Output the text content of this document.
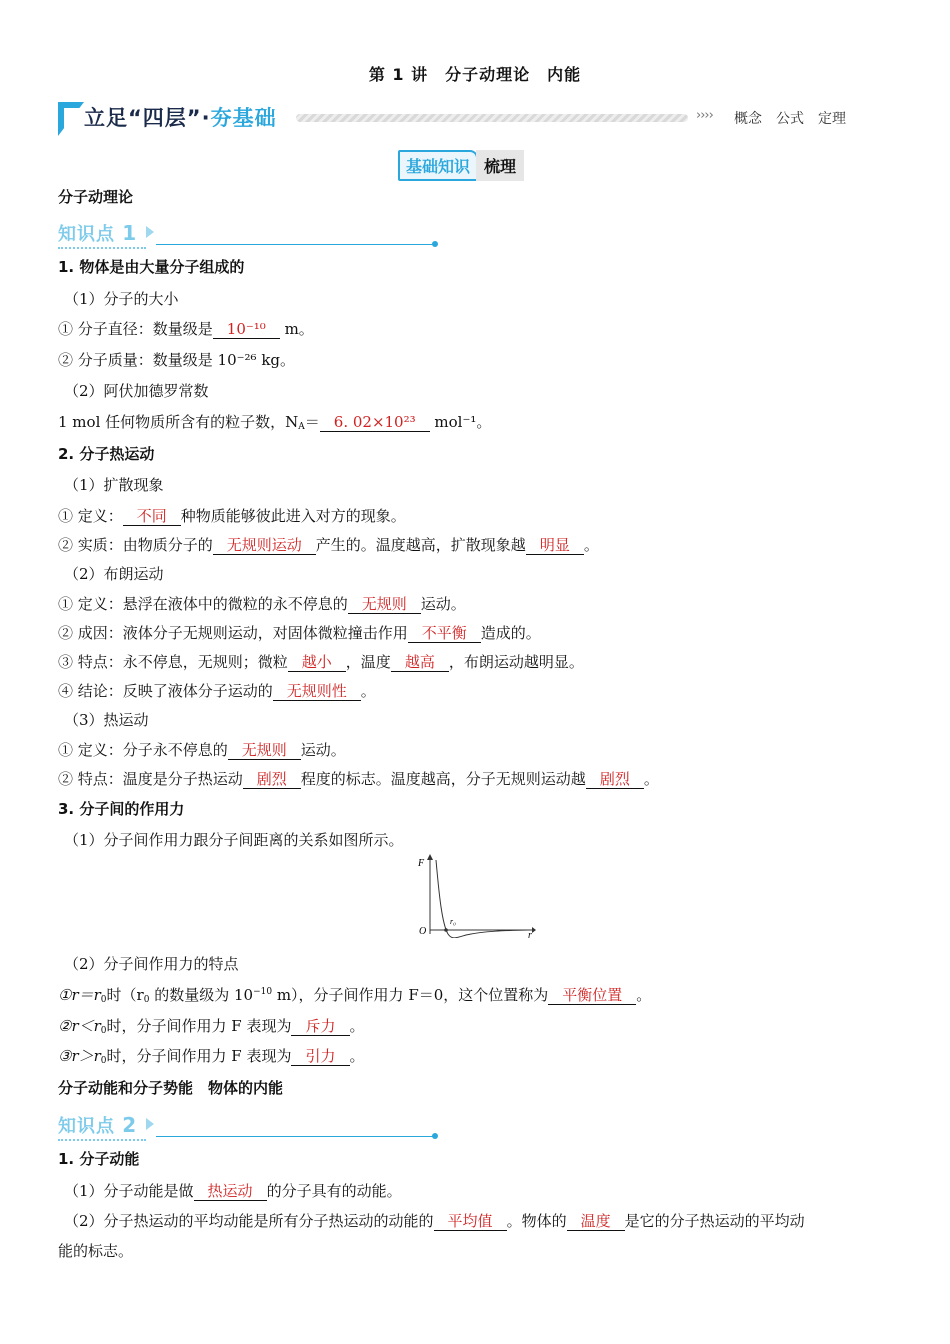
第 1 讲　分子动理论　内能
立足“四层”·夯基础	›››› 概念　公式　定理
基础知识 梳理
分子动理论
知识点 1
1. 物体是由大量分子组成的
（1）分子的大小
① 分子直径：数量级是 10⁻¹⁰ m。
② 分子质量：数量级是 10⁻²⁶ kg。
（2）阿伏加德罗常数
1 mol 任何物质所含有的粒子数，$N_A= 6$. 02×10²³ mol⁻¹。
2. 分子热运动
（1）扩散现象
① 定义： 不同 种物质能够彼此进入对方的现象。
② 实质：由物质分子的 无规则运动 产生的。温度越高，扩散现象越 明显 。
（2）布朗运动
① 定义：悬浮在液体中的微粒的永不停息的 无规则 运动。
② 成因：液体分子无规则运动，对固体微粒撞击作用 不平衡 造成的。
③ 特点：永不停息，无规则；微粒 越小 ，温度 越高 ，布朗运动越明显。
④ 结论：反映了液体分子运动的 无规则性 。
（3）热运动
① 定义：分子永不停息的 无规则 运动。
② 特点：温度是分子热运动 剧烈 程度的标志。温度越高，分子无规则运动越 剧烈 。
3. 分子间的作用力
（1）分子间作用力跟分子间距离的关系如图所示。
F
r
O
r₀
（2）分子间作用力的特点
$①r=r_0$时（$r_0$ 的数量级为 $10^{-10}$ m），分子间作用力 F＝0，这个位置称为 平衡位置 。
$②r<r_0$时，分子间作用力 F 表现为 斥力 。
$③r>r_0$时，分子间作用力 F 表现为 引力 。
分子动能和分子势能　物体的内能
知识点 2
1. 分子动能
（1）分子动能是做 热运动 的分子具有的动能。
（2）分子热运动的平均动能是所有分子热运动的动能的 平均值 。物体的 温度 是它的分子热运动的平均动
能的标志。
